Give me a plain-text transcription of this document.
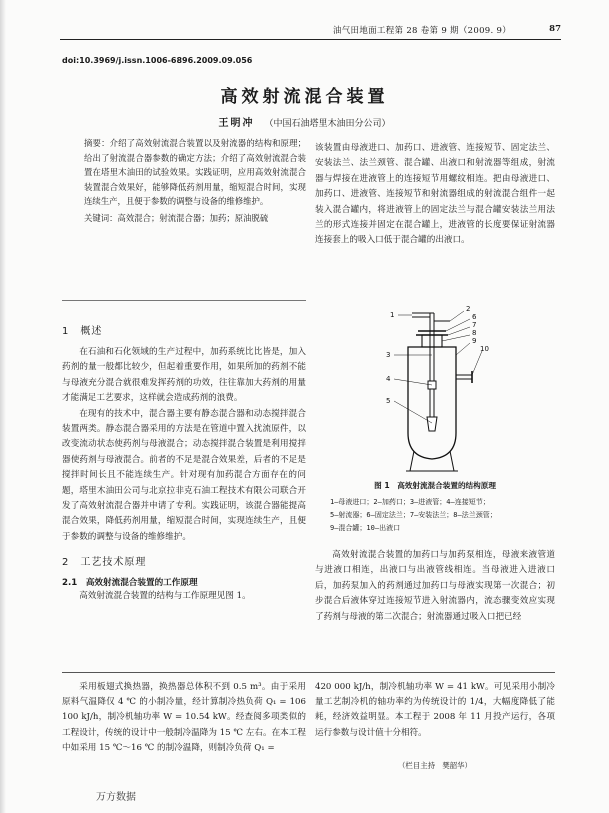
油气田地面工程第 28 卷第 9 期（2009. 9）	87
doi:10.3969/j.issn.1006-6896.2009.09.056
高效射流混合装置
王明冲 （中国石油塔里木油田分公司）

摘要：介绍了高效射流混合装置以及射流器的结构和原理；给出了射流混合器参数的确定方法；介绍了高效射流混合装置在塔里木油田的试验效果。实践证明，应用高效射流混合装置混合效果好，能够降低药剂用量，缩短混合时间，实现连续生产，且便于参数的调整与设备的维修维护。

关键词：高效混合；射流混合器；加药；原油脱硫

1　概述

在石油和石化领域的生产过程中，加药系统比比皆是，加入药剂的量一般都比较少，但起着重要作用，如果所加的药剂不能与母液充分混合就很难发挥药剂的功效，往往靠加大药剂的用量才能满足工艺要求，这样就会造成药剂的浪费。

在现有的技术中，混合器主要有静态混合器和动态搅拌混合装置两类。静态混合器采用的方法是在管道中置入扰流原件，以改变流动状态使药剂与母液混合；动态搅拌混合装置是利用搅拌器使药剂与母液混合。前者的不足是混合效果差，后者的不足是搅拌时间长且不能连续生产。针对现有加药混合方面存在的问题，塔里木油田公司与北京拉非克石油工程技术有限公司联合开发了高效射流混合器并申请了专利。实践证明，该混合器能提高混合效果，降低药剂用量，缩短混合时间，实现连续生产，且便于参数的调整与设备的维修维护。

2　工艺技术原理
2.1　高效射流混合装置的工作原理

高效射流混合装置的结构与工作原理见图 1。

该装置由母液进口、加药口、进液管、连接短节、固定法兰、安装法兰、法兰颈管、混合罐、出液口和射流器等组成，射流器与焊接在进液管上的连接短节用螺纹相连。把由母液进口、加药口、进液管、连接短节和射流器组成的射流混合组件一起装入混合罐内，将进液管上的固定法兰与混合罐安装法兰用法兰的形式连接并固定在混合罐上，进液管的长度要保证射流器连接套上的吸入口低于混合罐的出液口。

1
2
3
4
5
6
7
8
9
10
图 1　高效射流混合装置的结构原理
1—母液进口；2—加药口；3—进液管；4—连接短节；
5—射流器；6—固定法兰；7—安装法兰；8—法兰颈管；
9—混合罐；10—出液口

高效射流混合装置的加药口与加药泵相连，母液来液管道与进液口相连，出液口与出液管线相连。当母液进入进液口后，加药泵加入的药剂通过加药口与母液实现第一次混合；初步混合后液体穿过连接短节进入射流器内，流态骤变效应实现了药剂与母液的第二次混合；射流器通过吸入口把已经

采用板翅式换热器，换热器总体积不到 0.5 m³。由于采用原料气温降仅 4 ℃ 的小制冷量，经计算制冷热负荷 Q₁ = 106 100 kJ/h，制冷机轴功率 W = 10.54 kW。经查阅多项类似的工程设计，传统的设计中一般制冷温降为 15 ℃ 左右。在本工程中如采用 15 ℃～16 ℃ 的制冷温降，则制冷负荷 Q₁ =

420 000 kJ/h，制冷机轴功率 W = 41 kW。可见采用小制冷量工艺制冷机的轴功率约为传统设计的 1/4，大幅度降低了能耗，经济效益明显。本工程于 2008 年 11 月投产运行，各项运行参数与设计值十分相符。

（栏目主持　樊韶华）
万方数据
